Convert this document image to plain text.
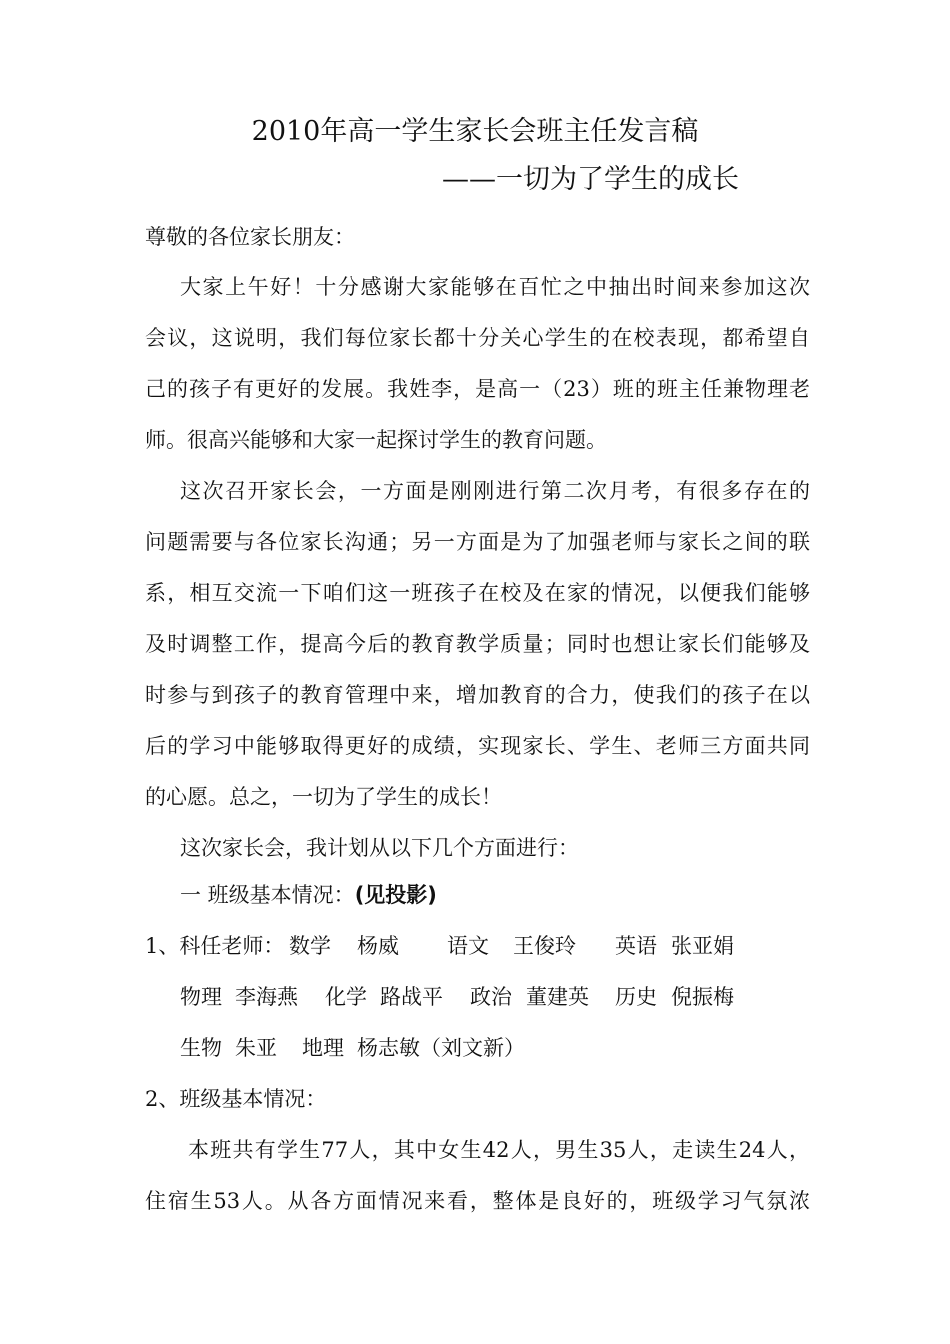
2010年高一学生家长会班主任发言稿
——一切为了学生的成长
尊敬的各位家长朋友：
大家上午好！十分感谢大家能够在百忙之中抽出时间来参加这次
会议，这说明，我们每位家长都十分关心学生的在校表现，都希望自
己的孩子有更好的发展。我姓李，是高一（23）班的班主任兼物理老
师。很高兴能够和大家一起探讨学生的教育问题。
这次召开家长会，一方面是刚刚进行第二次月考，有很多存在的
问题需要与各位家长沟通；另一方面是为了加强老师与家长之间的联
系，相互交流一下咱们这一班孩子在校及在家的情况，以便我们能够
及时调整工作，提高今后的教育教学质量；同时也想让家长们能够及
时参与到孩子的教育管理中来，增加教育的合力，使我们的孩子在以
后的学习中能够取得更好的成绩，实现家长、学生、老师三方面共同
的心愿。总之，一切为了学生的成长！
这次家长会，我计划从以下几个方面进行：
一 班级基本情况：(见投影)
1、科任老师： 数学 杨威 语文 王俊玲 英语 张亚娟
物理 李海燕 化学 路战平 政治 董建英 历史 倪振梅
生物 朱亚 地理 杨志敏（刘文新）
2、班级基本情况：
本班共有学生77人，其中女生42人，男生35人，走读生24人，
住宿生53人。从各方面情况来看，整体是良好的，班级学习气氛浓
